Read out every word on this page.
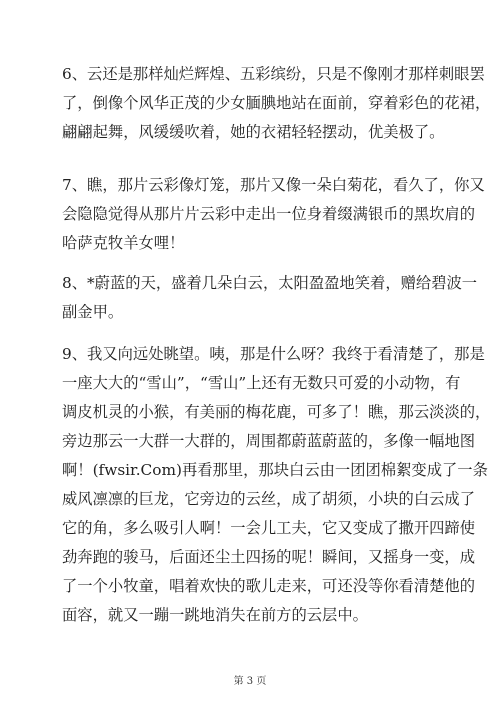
6、云还是那样灿烂辉煌、五彩缤纷，只是不像刚才那样刺眼罢
了，倒像个风华正茂的少女腼腆地站在面前，穿着彩色的花裙，
翩翩起舞，风缓缓吹着，她的衣裙轻轻摆动，优美极了。

7、瞧，那片云彩像灯笼，那片又像一朵白菊花，看久了，你又
会隐隐觉得从那片片云彩中走出一位身着缀满银币的黑坎肩的
哈萨克牧羊女哩！

8、*蔚蓝的天，盛着几朵白云，太阳盈盈地笑着，赠给碧波一
副金甲。

9、我又向远处眺望。咦，那是什么呀？我终于看清楚了，那是
一座大大的“雪山”，“雪山”上还有无数只可爱的小动物，有
调皮机灵的小猴，有美丽的梅花鹿，可多了！瞧，那云淡淡的，
旁边那云一大群一大群的，周围都蔚蓝蔚蓝的，多像一幅地图
啊！(fwsir.Com)再看那里，那块白云由一团团棉絮变成了一条
威风凛凛的巨龙，它旁边的云丝，成了胡须，小块的白云成了
它的角，多么吸引人啊！一会儿工夫，它又变成了撒开四蹄使
劲奔跑的骏马，后面还尘土四扬的呢！瞬间，又摇身一变，成
了一个小牧童，唱着欢快的歌儿走来，可还没等你看清楚他的
面容，就又一蹦一跳地消失在前方的云层中。

第 3 页
